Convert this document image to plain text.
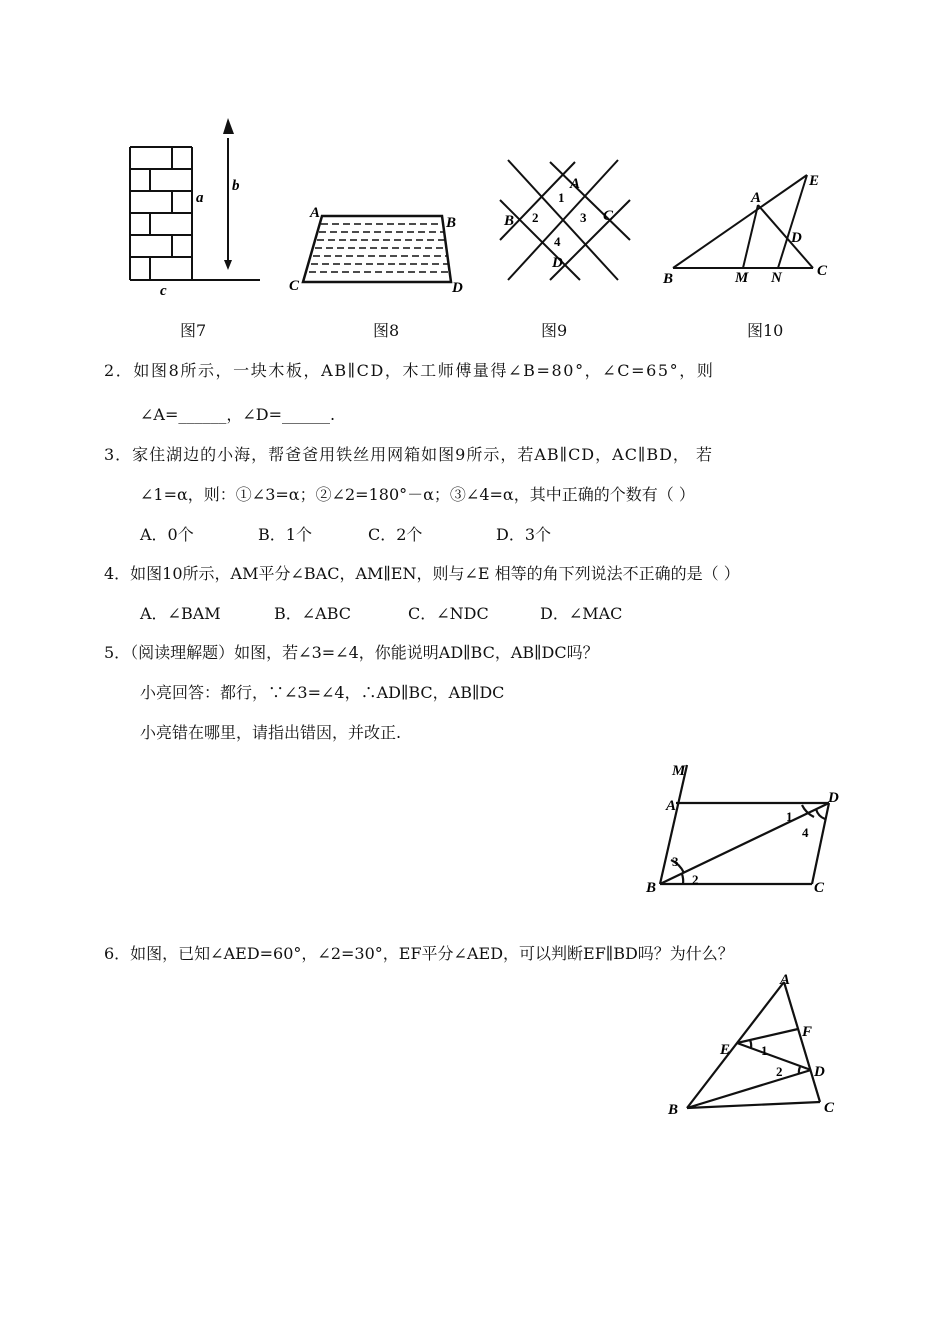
a
b
c
A
B
C	D
A
B	C
D
1
2	3
4
A
B	C
D
E
M N
图7	图8	图9	图10
2．如图8所示，一块木板，AB∥CD，木工师傅量得∠B=80°，∠C=65°，则
∠A=______，∠D=______.
3．家住湖边的小海，帮爸爸用铁丝用网箱如图9所示，若AB∥CD，AC∥BD， 若
∠1=α，则：①∠3=α；②∠2=180°－α；③∠4=α，其中正确的个数有（ ）
A．0个	B．1个	C．2个	D．3个
4．如图10所示，AM平分∠BAC，AM∥EN，则与∠E 相等的角下列说法不正确的是（ ）
A．∠BAM	B．∠ABC	C．∠NDC	D．∠MAC
5．（阅读理解题）如图，若∠3=∠4，你能说明AD∥BC，AB∥DC吗？
小亮回答：都行，∵∠3=∠4，∴AD∥BC，AB∥DC
小亮错在哪里，请指出错因，并改正.
M
A
B	C
D
1
2
3
4
6．如图，已知∠AED=60°，∠2=30°，EF平分∠AED，可以判断EF∥BD吗？为什么？
A
B	C
D
E
F
1
2
